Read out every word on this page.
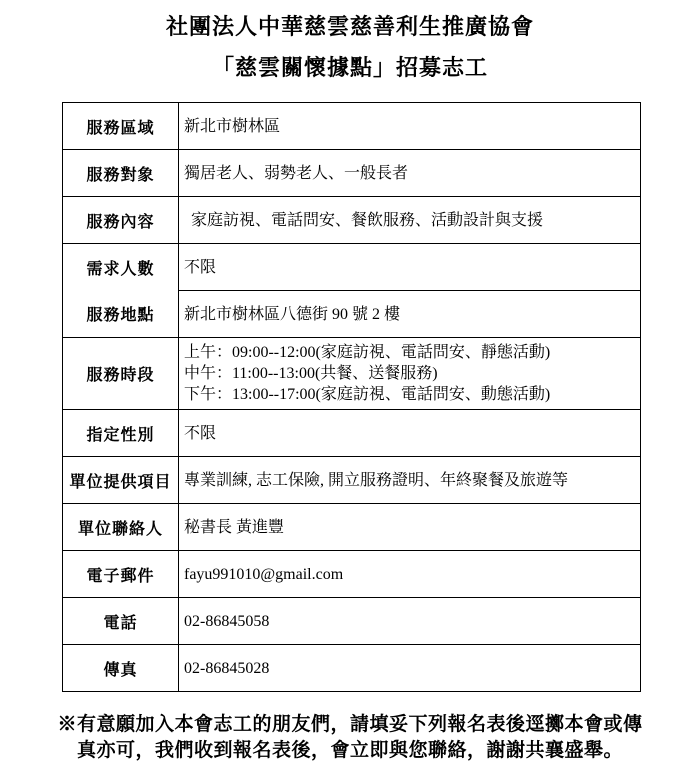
社團法人中華慈雲慈善利生推廣協會
「慈雲關懷據點」招募志工
服務區域	新北市樹林區

服務對象	獨居老人、弱勢老人、一般長者

服務內容	家庭訪視、電話問安、餐飲服務、活動設計與支援

需求人數	不限

服務地點	新北市樹林區八德街 90 號 2 樓

服務時段	上午：09:00--12:00(家庭訪視、電話問安、靜態活動)
中午：11:00--13:00(共餐、送餐服務)
下午：13:00--17:00(家庭訪視、電話問安、動態活動)

指定性別	不限

單位提供項目	專業訓練, 志工保險, 開立服務證明、年終聚餐及旅遊等

單位聯絡人	秘書長 黃進豐

電子郵件	fayu991010@gmail.com

電話	02-86845058

傳真	02-86845028
※有意願加入本會志工的朋友們，請填妥下列報名表後逕擲本會或傳真亦可，我們收到報名表後，會立即與您聯絡，謝謝共襄盛舉。
